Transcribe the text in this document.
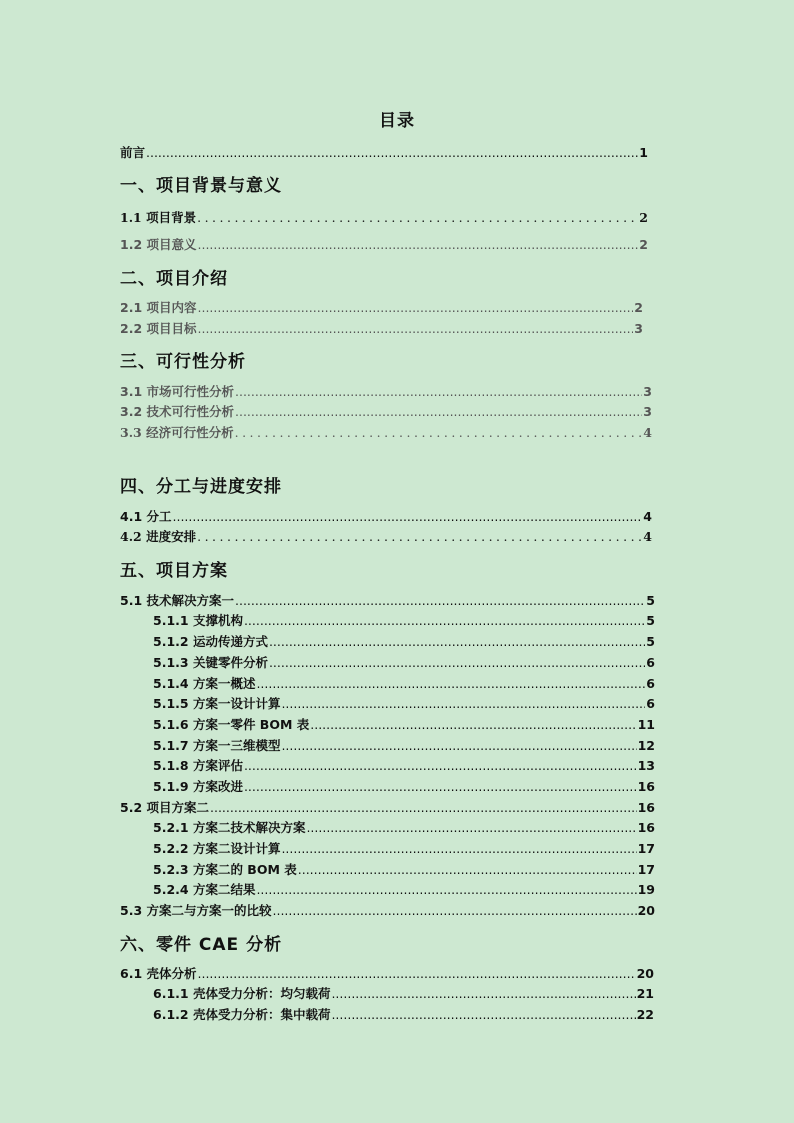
目录
前言 .....	1
一、项目背景与意义
1.1 项目背景 .....	2
1.2 项目意义 .....	2
二、项目介绍
2.1 项目内容 .....	2
2.2 项目目标 .....	3
三、可行性分析
3.1 市场可行性分析 .....	3
3.2 技术可行性分析 .....	3
3.3 经济可行性分析 .....	4
四、分工与进度安排
4.1 分工 .....	4
4.2 进度安排 .....	4
五、项目方案
5.1 技术解决方案一 .....	5
5.1.1 支撑机构 .....	5
5.1.2 运动传递方式 .....	5
5.1.3 关键零件分析 .....	6
5.1.4 方案一概述 .....	6
5.1.5 方案一设计计算 .....	6
5.1.6 方案一零件 BOM 表 .....	11
5.1.7 方案一三维模型 .....	12
5.1.8 方案评估 .....	13
5.1.9 方案改进 .....	16
5.2 项目方案二 .....	16
5.2.1 方案二技术解决方案 .....	16
5.2.2 方案二设计计算 .....	17
5.2.3 方案二的 BOM 表 .....	17
5.2.4 方案二结果 .....	19
5.3 方案二与方案一的比较 .....	20
六、零件 CAE 分析
6.1 壳体分析 .....	20
6.1.1 壳体受力分析：均匀载荷 .....	21
6.1.2 壳体受力分析：集中载荷 .....	22
